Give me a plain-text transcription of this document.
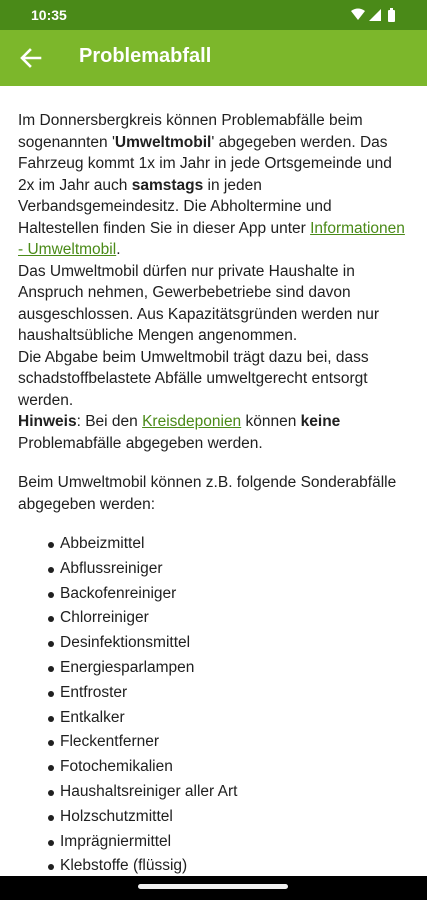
10:35
Problemabfall

Im Donnersbergkreis können Problemabfälle beim sogenannten 'Umweltmobil' abgegeben werden. Das Fahrzeug kommt 1x im Jahr in jede Ortsgemeinde und 2x im Jahr auch samstags in jeden Verbandsgemeindesitz. Die Abholtermine und Haltestellen finden Sie in dieser App unter Informationen - Umweltmobil.
Das Umweltmobil dürfen nur private Haushalte in Anspruch nehmen, Gewerbebetriebe sind davon ausgeschlossen. Aus Kapazitätsgründen werden nur haushaltsübliche Mengen angenommen.
Die Abgabe beim Umweltmobil trägt dazu bei, dass schadstoffbelastete Abfälle umweltgerecht entsorgt werden.
Hinweis: Bei den Kreisdeponien können keine Problemabfälle abgegeben werden.

Beim Umweltmobil können z.B. folgende Sonderabfälle abgegeben werden:

Abbeizmittel
Abflussreiniger
Backofenreiniger
Chlorreiniger
Desinfektionsmittel
Energiesparlampen
Entfroster
Entkalker
Fleckentferner
Fotochemikalien
Haushaltsreiniger aller Art
Holzschutzmittel
Imprägniermittel
Klebstoffe (flüssig)
